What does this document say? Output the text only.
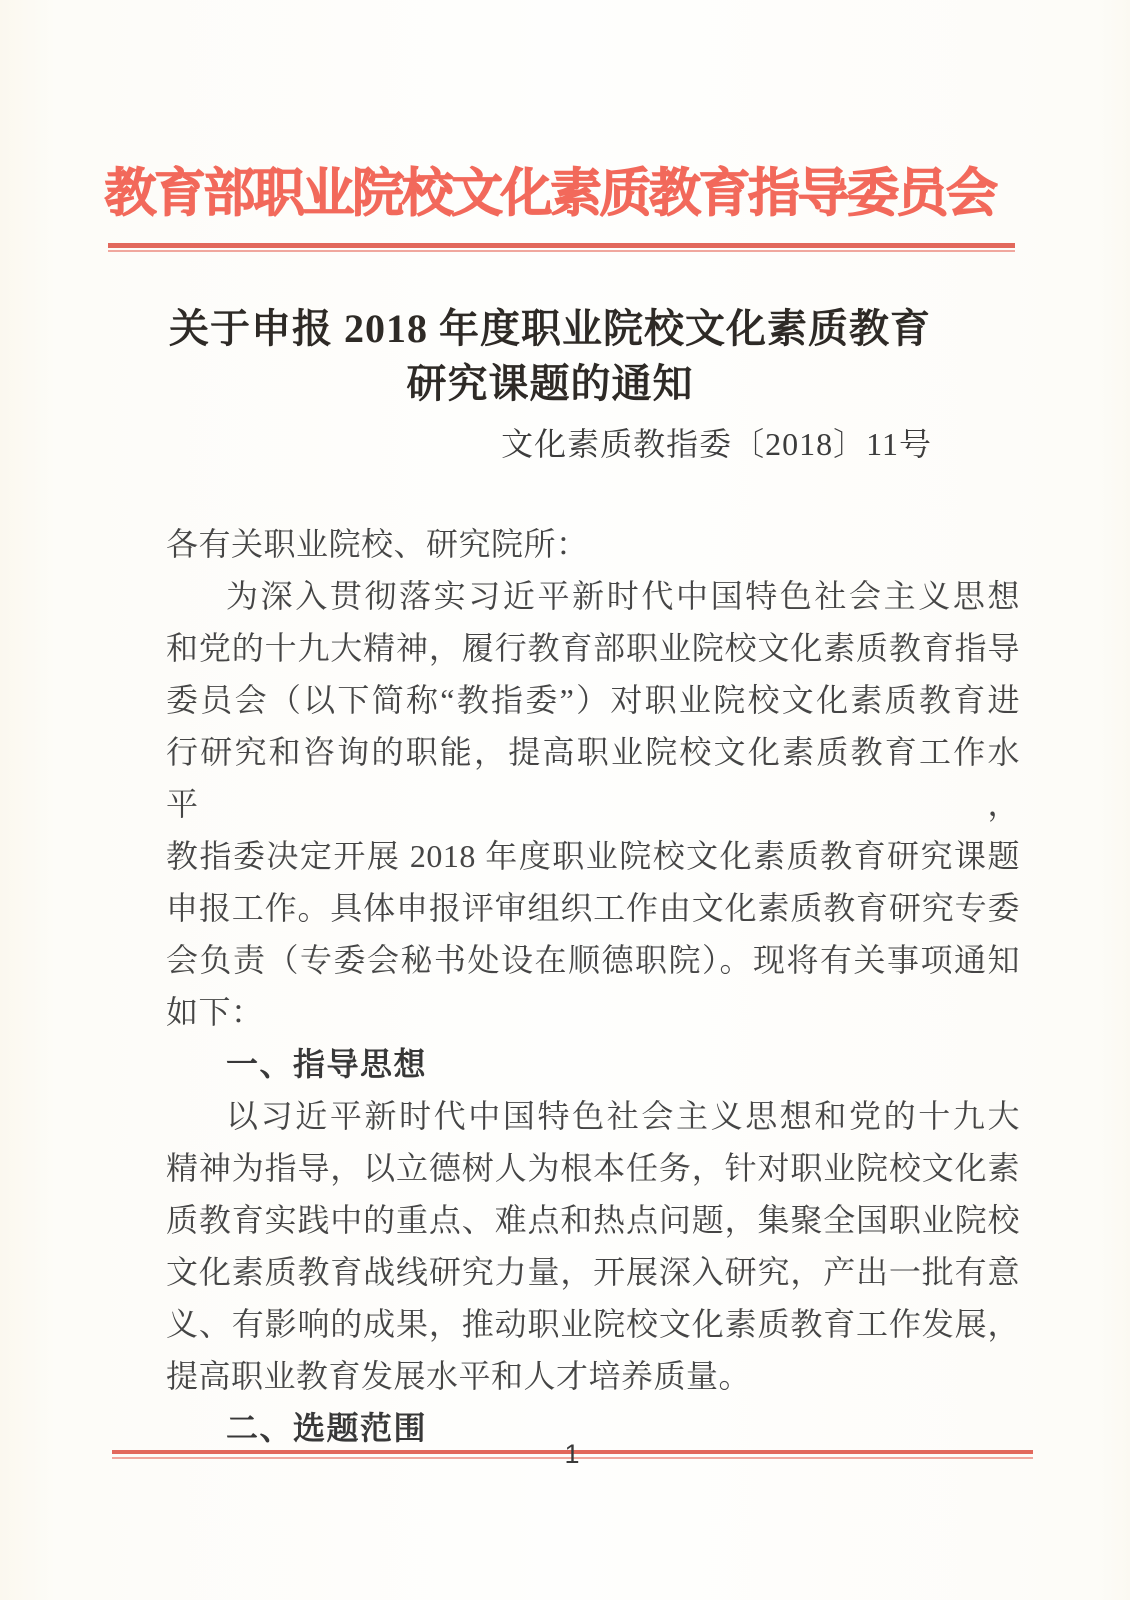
教育部职业院校文化素质教育指导委员会
关于申报 2018 年度职业院校文化素质教育
研究课题的通知
文化素质教指委〔2018〕11号
各有关职业院校、研究院所：
为深入贯彻落实习近平新时代中国特色社会主义思想
和党的十九大精神，履行教育部职业院校文化素质教育指导
委员会（以下简称“教指委”）对职业院校文化素质教育进
行研究和咨询的职能，提高职业院校文化素质教育工作水平，
教指委决定开展 2018 年度职业院校文化素质教育研究课题
申报工作。具体申报评审组织工作由文化素质教育研究专委
会负责（专委会秘书处设在顺德职院）。现将有关事项通知
如下：
一、指导思想
以习近平新时代中国特色社会主义思想和党的十九大
精神为指导，以立德树人为根本任务，针对职业院校文化素
质教育实践中的重点、难点和热点问题，集聚全国职业院校
文化素质教育战线研究力量，开展深入研究，产出一批有意
义、有影响的成果，推动职业院校文化素质教育工作发展，
提高职业教育发展水平和人才培养质量。
二、选题范围
1
